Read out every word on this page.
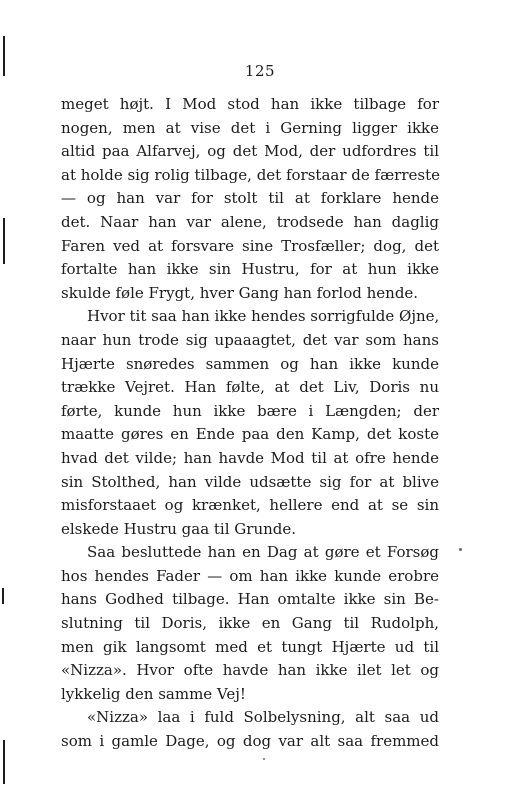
125
meget højt. I Mod stod han ikke tilbage for
nogen, men at vise det i Gerning ligger ikke
altid paa Alfarvej, og det Mod, der udfordres til
at holde sig rolig tilbage, det forstaar de færreste
— og han var for stolt til at forklare hende
det. Naar han var alene, trodsede han daglig
Faren ved at forsvare sine Trosfæller; dog, det
fortalte han ikke sin Hustru, for at hun ikke
skulde føle Frygt, hver Gang han forlod hende.
Hvor tit saa han ikke hendes sorrigfulde Øjne,
naar hun trode sig upaaagtet, det var som hans
Hjærte snøredes sammen og han ikke kunde
trække Vejret. Han følte, at det Liv, Doris nu
førte, kunde hun ikke bære i Længden; der
maatte gøres en Ende paa den Kamp, det koste
hvad det vilde; han havde Mod til at ofre hende
sin Stolthed, han vilde udsætte sig for at blive
misforstaaet og krænket, hellere end at se sin
elskede Hustru gaa til Grunde.
Saa besluttede han en Dag at gøre et Forsøg
hos hendes Fader — om han ikke kunde erobre
hans Godhed tilbage. Han omtalte ikke sin Be-
slutning til Doris, ikke en Gang til Rudolph,
men gik langsomt med et tungt Hjærte ud til
«Nizza». Hvor ofte havde han ikke ilet let og
lykkelig den samme Vej!
«Nizza» laa i fuld Solbelysning, alt saa ud
som i gamle Dage, og dog var alt saa fremmed
